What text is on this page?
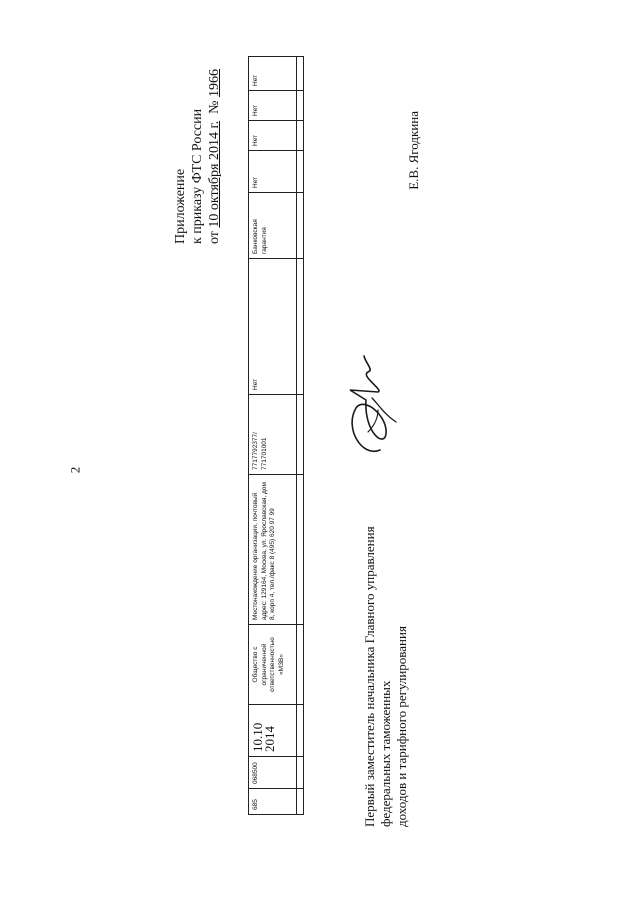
2
Приложение к приказу ФТС России от 10 октября 2014 г.  № 1966
685	068500	10.10 2014	Общество с ограниченной ответственностью «МЗВ»	Местонахождение организации, почтовый адрес: 129164, Москва, ул. Ярославская, дом 8, корп 4, тел./факс 8 (495) 620 97 99	7717792377/ 771701001	Нет	Банковская гарантия	Нет	Нет	Нет	Нет

Первый заместитель начальника Главного управления федеральных таможенных доходов и тарифного регулирования
Е.В. Ягодкина
